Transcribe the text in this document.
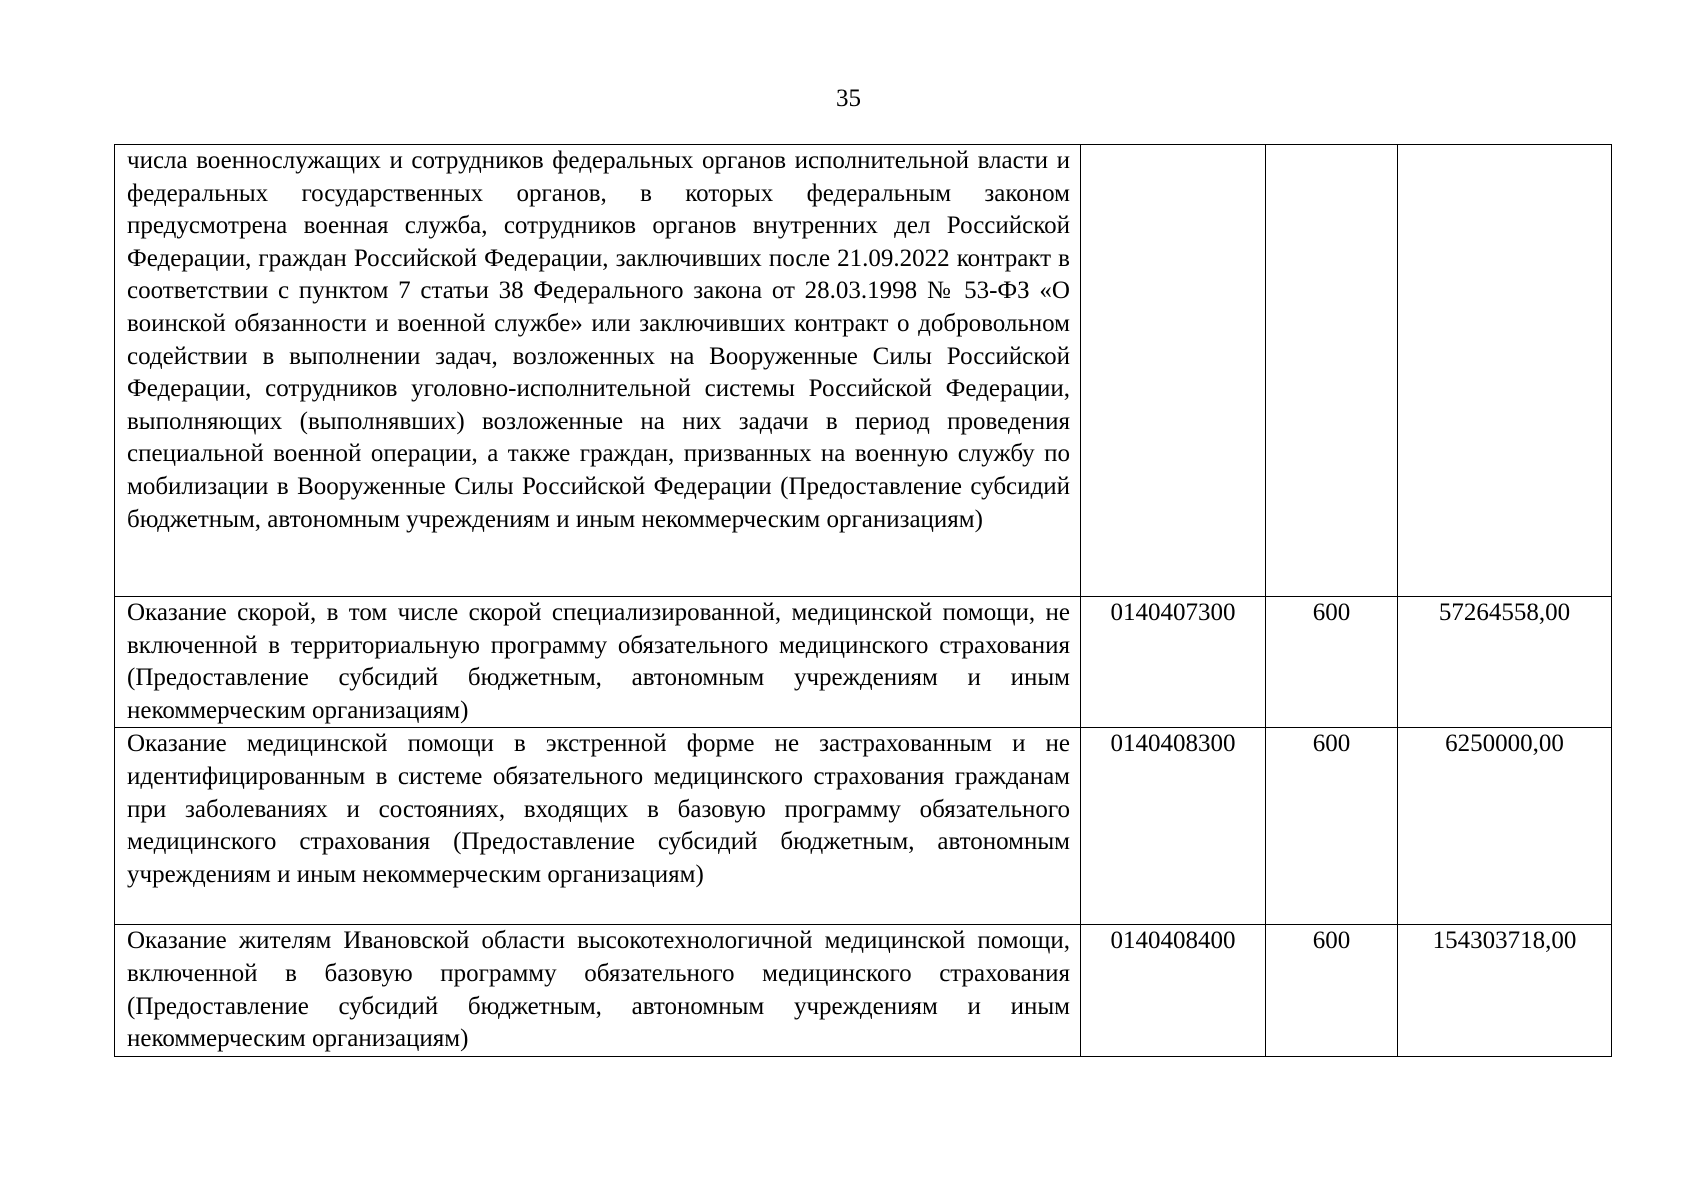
35
числа военнослужащих и сотрудников федеральных органов исполнительной власти и федеральных государственных органов, в которых федеральным законом предусмотрена военная служба, сотрудников органов внутренних дел Российской Федерации, граждан Российской Федерации, заключивших после 21.09.2022 контракт в соответствии с пунктом 7 статьи 38 Федерального закона от 28.03.1998 № 53-ФЗ «О воинской обязанности и военной службе» или заключивших контракт о добровольном содействии в выполнении задач, возложенных на Вооруженные Силы Российской Федерации, сотрудников уголовно-исполнительной системы Российской Федерации, выполняющих (выполнявших) возложенные на них задачи в период проведения специальной военной операции, а также граждан, призванных на военную службу по мобилизации в Вооруженные Силы Российской Федерации (Предоставление субсидий бюджетным, автономным учреждениям и иным некоммерческим организациям)			
Оказание скорой, в том числе скорой специализированной, медицинской помощи, не включенной в территориальную программу обязательного медицинского страхования (Предоставление субсидий бюджетным, автономным учреждениям и иным некоммерческим организациям)	0140407300	600	57264558,00
Оказание медицинской помощи в экстренной форме не застрахованным и не идентифицированным в системе обязательного медицинского страхования гражданам при заболеваниях и состояниях, входящих в базовую программу обязательного медицинского страхования (Предоставление субсидий бюджетным, автономным учреждениям и иным некоммерческим организациям)	0140408300	600	6250000,00
Оказание жителям Ивановской области высокотехнологичной медицинской помощи, включенной в базовую программу обязательного медицинского страхования (Предоставление субсидий бюджетным, автономным учреждениям и иным некоммерческим организациям)	0140408400	600	154303718,00
